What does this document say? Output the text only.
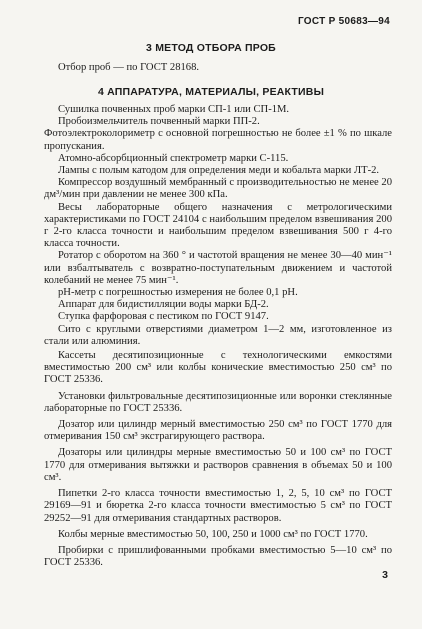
ГОСТ Р 50683—94
3 МЕТОД ОТБОРА ПРОБ

Отбор проб — по ГОСТ 28168.

4 АППАРАТУРА, МАТЕРИАЛЫ, РЕАКТИВЫ

Сушилка почвенных проб марки СП-1 или СП-1М.

Пробоизмельчитель почвенный марки ПП-2.

Фотоэлектроколориметр с основной погрешностью не более ±1 % по шкале пропускания.

Атомно-абсорбционный спектрометр марки С-115.

Лампы с полым катодом для определения меди и кобальта марки ЛТ-2.

Компрессор воздушный мембранный с производительностью не менее 20 дм³/мин при давлении не менее 300 кПа.

Весы лабораторные общего назначения с метрологическими характеристиками по ГОСТ 24104 с наибольшим пределом взвешивания 200 г 2-го класса точности и наибольшим пределом взвешивания 500 г 4-го класса точности.

Ротатор с оборотом на 360 ° и частотой вращения не менее 30—40 мин⁻¹ или взбалтыватель с возвратно-поступательным движением и частотой колебаний не менее 75 мин⁻¹.

pH-метр с погрешностью измерения не более 0,1 pH.

Аппарат для бидистилляции воды марки БД-2.

Ступка фарфоровая с пестиком по ГОСТ 9147.

Сито с круглыми отверстиями диаметром 1—2 мм, изготовленное из стали или алюминия.

Кассеты десятипозиционные с технологическими емкостями вместимостью 200 см³ или колбы конические вместимостью 250 см³ по ГОСТ 25336.

Установки фильтровальные десятипозиционные или воронки стеклянные лабораторные по ГОСТ 25336.

Дозатор или цилиндр мерный вместимостью 250 см³ по ГОСТ 1770 для отмеривания 150 см³ экстрагирующего раствора.

Дозаторы или цилиндры мерные вместимостью 50 и 100 см³ по ГОСТ 1770 для отмеривания вытяжки и растворов сравнения в объемах 50 и 100 см³.

Пипетки 2-го класса точности вместимостью 1, 2, 5, 10 см³ по ГОСТ 29169—91 и бюретка 2-го класса точности вместимостью 5 см³ по ГОСТ 29252—91 для отмеривания стандартных растворов.

Колбы мерные вместимостью 50, 100, 250 и 1000 см³ по ГОСТ 1770.

Пробирки с пришлифованными пробками вместимостью 5—10 см³ по ГОСТ 25336.

3
